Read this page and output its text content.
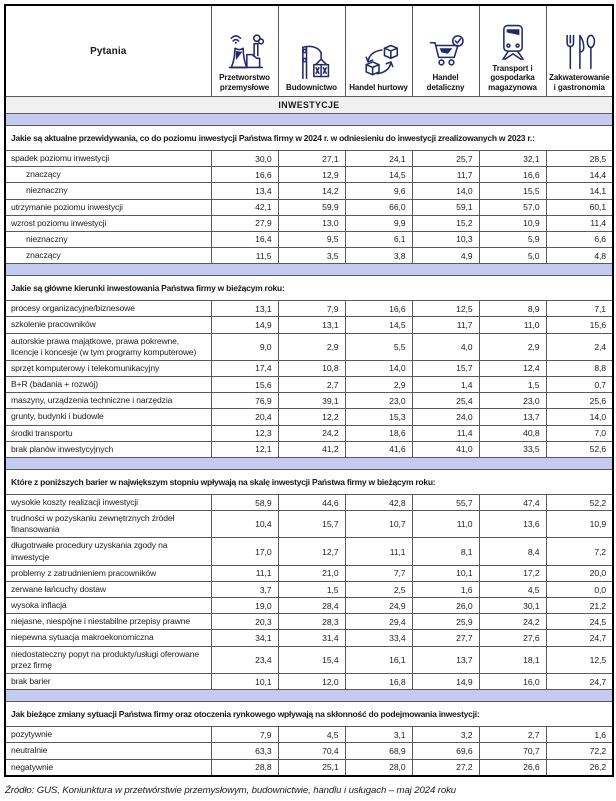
Pytania	Przetworstwo przemysłowe	Budownictwo	Handel hurtowy	Handel detaliczny	Transport i gospodarka magazynowa	Zakwaterowanie i gastronomia

INWESTYCJE						

Jakie są aktualne przewidywania, co do poziomu inwestycji Państwa firmy w 2024 r. w odniesieniu do inwestycji zrealizowanych w 2023 r.:						
spadek poziomu inwestycji	30,0	27,1	24,1	25,7	32,1	28,5
znaczący	16,6	12,9	14,5	11,7	16,6	14,4
nieznaczny	13,4	14,2	9,6	14,0	15,5	14,1
utrzymanie poziomu inwestycji	42,1	59,9	66,0	59,1	57,0	60,1
wzrost poziomu inwestycji	27,9	13,0	9,9	15,2	10,9	11,4
nieznaczny	16,4	9,5	6,1	10,3	5,9	6,6
znaczący	11,5	3,5	3,8	4,9	5,0	4,8

Jakie są główne kierunki inwestowania Państwa firmy w bieżącym roku:						
procesy organizacyjne/biznesowe	13,1	7,9	16,6	12,5	8,9	7,1
szkolenie pracowników	14,9	13,1	14,5	11,7	11,0	15,6
autorskie prawa majątkowe, prawa pokrewne, licencje i koncesje (w tym programy komputerowe)	9,0	2,9	5,5	4,0	2,9	2,4
sprzęt komputerowy i telekomunikacyjny	17,4	10,8	14,0	15,7	12,4	8,8
B+R (badania + rozwój)	15,6	2,7	2,9	1,4	1,5	0,7
maszyny, urządzenia techniczne i narzędzia	76,9	39,1	23,0	25,4	23,0	25,6
grunty, budynki i budowle	20,4	12,2	15,3	24,0	13,7	14,0
środki transportu	12,3	24,2	18,6	11,4	40,8	7,0
brak planów inwestycyjnych	12,1	41,2	41,6	41,0	33,5	52,6

Które z poniższych barier w największym stopniu wpływają na skalę inwestycji Państwa firmy w bieżącym roku:						
wysokie koszty realizacji inwestycji	58,9	44,6	42,8	55,7	47,4	52,2
trudności w pozyskaniu zewnętrznych źródeł finansowania	10,4	15,7	10,7	11,0	13,6	10,9
długotrwałe procedury uzyskania zgody na inwestycje	17,0	12,7	11,1	8,1	8,4	7,2
problemy z zatrudnieniem pracowników	11,1	21,0	7,7	10,1	17,2	20,0
zerwane łańcuchy dostaw	3,7	1,5	2,5	1,6	4,5	0,0
wysoka inflacja	19,0	28,4	24,9	26,0	30,1	21,2
niejasne, niespójne i niestabilne przepisy prawne	20,3	28,3	29,4	25,9	24,2	24,5
niepewna sytuacja makroekonomiczna	34,1	31,4	33,4	27,7	27,6	24,7
niedostateczny popyt na produkty/usługi oferowane przez firmę	23,4	15,4	16,1	13,7	18,1	12,5
brak barier	10,1	12,0	16,8	14,9	16,0	24,7

Jak bieżące zmiany sytuacji Państwa firmy oraz otoczenia rynkowego wpływają na skłonność do podejmowania inwestycji:						
pozytywnie	7,9	4,5	3,1	3,2	2,7	1,6
neutralnie	63,3	70,4	68,9	69,6	70,7	72,2
negatywnie	28,8	25,1	28,0	27,2	26,6	26,2
Źródło: GUS, Koniunktura w przetwórstwie przemysłowym, budownictwie, handlu i usługach – maj 2024 roku
